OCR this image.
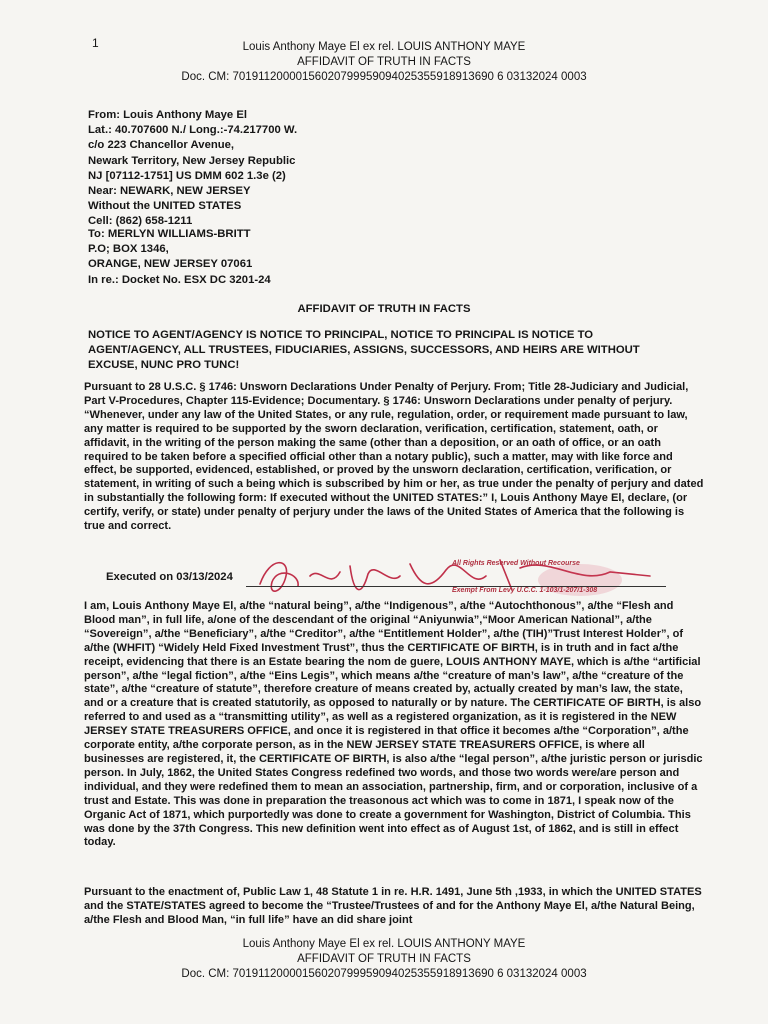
1	Louis Anthony Maye El ex rel. LOUIS ANTHONY MAYE
AFFIDAVIT OF TRUTH IN FACTS
Doc. CM: 70191120000156020799959094025355918913690 6 03132024 0003
From: Louis Anthony Maye El
Lat.: 40.707600 N./ Long.:-74.217700 W.
c/o 223 Chancellor Avenue,
Newark Territory, New Jersey Republic
NJ [07112-1751] US DMM 602 1.3e (2)
Near: NEWARK, NEW JERSEY
Without the UNITED STATES
Cell: (862) 658-1211
To: MERLYN WILLIAMS-BRITT
P.O; BOX 1346,
ORANGE, NEW JERSEY 07061
In re.: Docket No. ESX DC 3201-24
AFFIDAVIT OF TRUTH IN FACTS
NOTICE TO AGENT/AGENCY IS NOTICE TO PRINCIPAL, NOTICE TO PRINCIPAL IS NOTICE TO AGENT/AGENCY, ALL TRUSTEES, FIDUCIARIES, ASSIGNS, SUCCESSORS, AND HEIRS ARE WITHOUT EXCUSE, NUNC PRO TUNC!

Pursuant to 28 U.S.C. § 1746: Unsworn Declarations Under Penalty of Perjury. From; Title 28-Judiciary and Judicial, Part V-Procedures, Chapter 115-Evidence; Documentary. § 1746: Unsworn Declarations under penalty of perjury. “Whenever, under any law of the United States, or any rule, regulation, order, or requirement made pursuant to law, any matter is required to be supported by the sworn declaration, verification, certification, statement, oath, or affidavit, in the writing of the person making the same (other than a deposition, or an oath of office, or an oath required to be taken before a specified official other than a notary public), such a matter, may with like force and effect, be supported, evidenced, established, or proved by the unsworn declaration, certification, verification, or statement, in writing of such a being which is subscribed by him or her, as true under the penalty of perjury and dated in substantially the following form: If executed without the UNITED STATES:” I, Louis Anthony Maye El, declare, (or certify, verify, or state) under penalty of perjury under the laws of the United States of America that the following is true and correct.

Executed on 03/13/2024
All Rights Reserved Without Recourse
Exempt From Levy U.C.C. 1-103/1-207/1-308

I am, Louis Anthony Maye El, a/the “natural being”, a/the “Indigenous”, a/the “Autochthonous”, a/the “Flesh and Blood man”, in full life, a/one of the descendant of the original “Aniyunwia”,“Moor American National”, a/the “Sovereign”, a/the “Beneficiary”, a/the “Creditor”, a/the “Entitlement Holder”, a/the (TIH)”Trust Interest Holder”, of a/the (WHFIT) “Widely Held Fixed Investment Trust”, thus the CERTIFICATE OF BIRTH, is in truth and in fact a/the receipt, evidencing that there is an Estate bearing the nom de guere, LOUIS ANTHONY MAYE, which is a/the “artificial person”, a/the “legal fiction”, a/the “Eins Legis”, which means a/the “creature of man’s law”, a/the “creature of the state”, a/the “creature of statute”, therefore creature of means created by, actually created by man’s law, the state, and or a creature that is created statutorily, as opposed to naturally or by nature. The CERTIFICATE OF BIRTH, is also referred to and used as a “transmitting utility”, as well as a registered organization, as it is registered in the NEW JERSEY STATE TREASURERS OFFICE, and once it is registered in that office it becomes a/the “Corporation”, a/the corporate entity, a/the corporate person, as in the NEW JERSEY STATE TREASURERS OFFICE, is where all businesses are registered, it, the CERTIFICATE OF BIRTH, is also a/the “legal person”, a/the juristic person or jurisdic person. In July, 1862, the United States Congress redefined two words, and those two words were/are person and individual, and they were redefined them to mean an association, partnership, firm, and or corporation, inclusive of a trust and Estate. This was done in preparation the treasonous act which was to come in 1871, I speak now of the Organic Act of 1871, which purportedly was done to create a government for Washington, District of Columbia. This was done by the 37th Congress. This new definition went into effect as of August 1st, of 1862, and is still in effect today.

Pursuant to the enactment of, Public Law 1, 48 Statute 1 in re. H.R. 1491, June 5th ,1933, in which the UNITED STATES and the STATE/STATES agreed to become the “Trustee/Trustees of and for the Anthony Maye El, a/the Natural Being, a/the Flesh and Blood Man, “in full life” have an did share joint

Louis Anthony Maye El ex rel. LOUIS ANTHONY MAYE
AFFIDAVIT OF TRUTH IN FACTS
Doc. CM: 70191120000156020799959094025355918913690 6 03132024 0003
